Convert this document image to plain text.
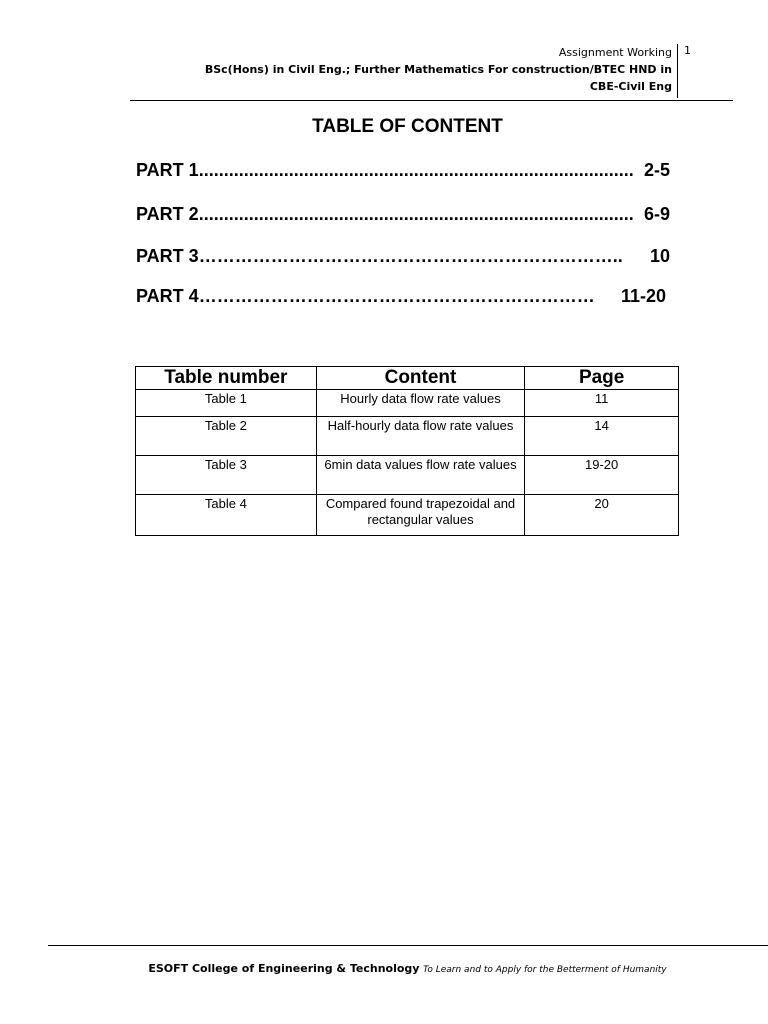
Assignment Working
BSc(Hons) in Civil Eng.; Further Mathematics For construction/BTEC HND in
CBE-Civil Eng
1
TABLE OF CONTENT
PART 1 ....................................................................................... 2-5
PART 2 ....................................................................................... 6-9
PART 3 ……………………………………………………………..	10
PART 4 …………………………………………………………	11-20
Table number	Content	Page
Table 1	Hourly data flow rate values	11
Table 2	Half-hourly data flow rate values	14
Table 3	6min data values flow rate values	19-20
Table 4	Compared found trapezoidal and rectangular values	20
ESOFT College of Engineering & Technology To Learn and to Apply for the Betterment of Humanity
